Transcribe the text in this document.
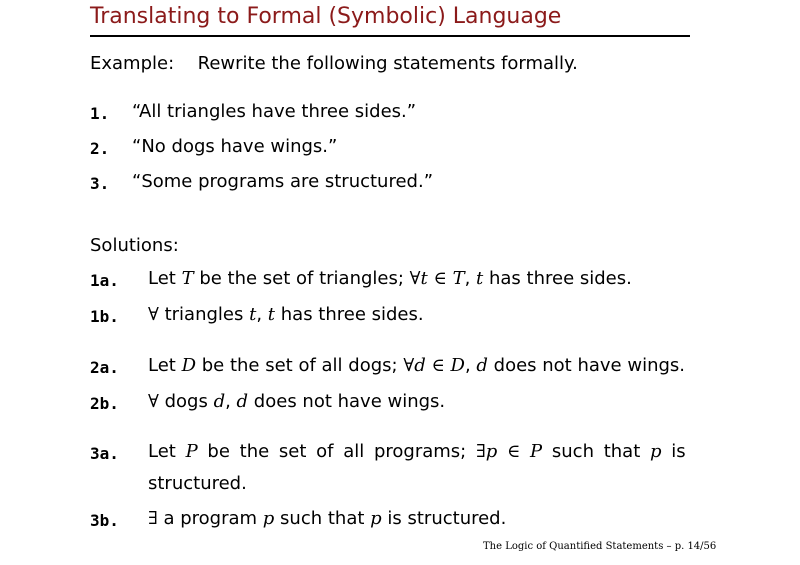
Translating to Formal (Symbolic) Language
Example: Rewrite the following statements formally.
1. “All triangles have three sides.”
2. “No dogs have wings.”
3. “Some programs are structured.”
Solutions:
1a. Let T be the set of triangles; ∀t ∈ T, t has three sides.
1b. ∀ triangles t, t has three sides.
2a. Let D be the set of all dogs; ∀d ∈ D, d does not have wings.
2b. ∀ dogs d, d does not have wings.
3a. Let P be the set of all programs; ∃p ∈ P such that p is
structured.
3b. ∃ a program p such that p is structured.
The Logic of Quantified Statements – p. 14/56
